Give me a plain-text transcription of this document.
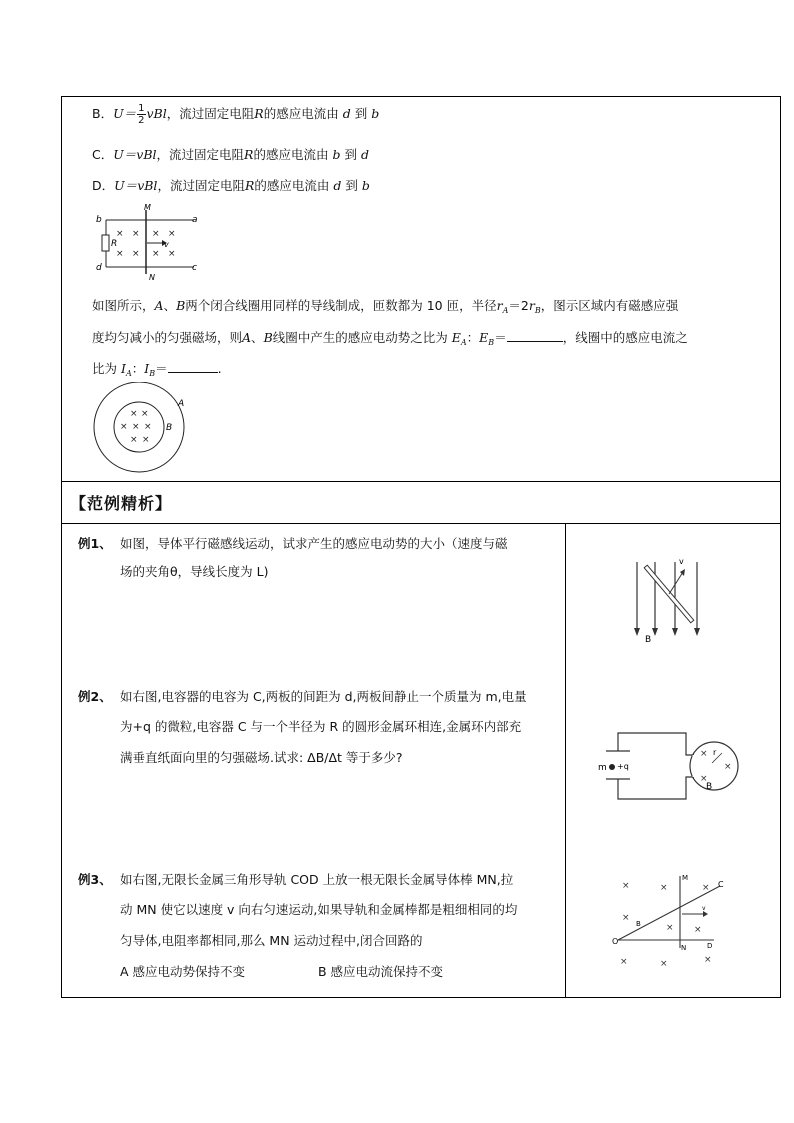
B．$U= \frac{1}{2}$ vBl，流过固定电阻R的感应电流由 d 到 b
C．U＝vBl，流过固定电阻R的感应电流由 b 到 d
D．U＝vBl，流过固定电阻R的感应电流由 d 到 b
b	a
d	c
M
N
R	v
× × × ×
× × × ×
如图所示，A、B两个闭合线圈用同样的导线制成，匝数都为 10 匝，半径$r_A=2r_B$，图示区域内有磁感应强
度均匀减小的匀强磁场，则A、B线圈中产生的感应电动势之比为 $E_A$：$E_B=$	，线圈中的感应电流之
比为 $I_A$：$I_B=$	.
A
B
× ×
× × ×
× ×
【范例精析】
例1、 如图，导体平行磁感线运动，试求产生的感应电动势的大小（速度与磁
场的夹角θ，导线长度为 L)
例2、 如右图,电容器的电容为 C,两板的间距为 d,两板间静止一个质量为 m,电量
为+q 的微粒,电容器 C 与一个半径为 R 的圆形金属环相连,金属环内部充
满垂直纸面向里的匀强磁场.试求: ΔB/Δt 等于多少?
例3、 如右图,无限长金属三角形导轨 COD 上放一根无限长金属导体棒 MN,拉
动 MN 使它以速度 v 向右匀速运动,如果导轨和金属棒都是粗细相同的均
匀导体,电阻率都相同,那么 MN 运动过程中,闭合回路的
A 感应电动势保持不变	B 感应电动流保持不变
v
B
m +q
r
B
×
×
×
M
N
C
O	D
B
v
×	×	×
×
× ×
×	×	×
